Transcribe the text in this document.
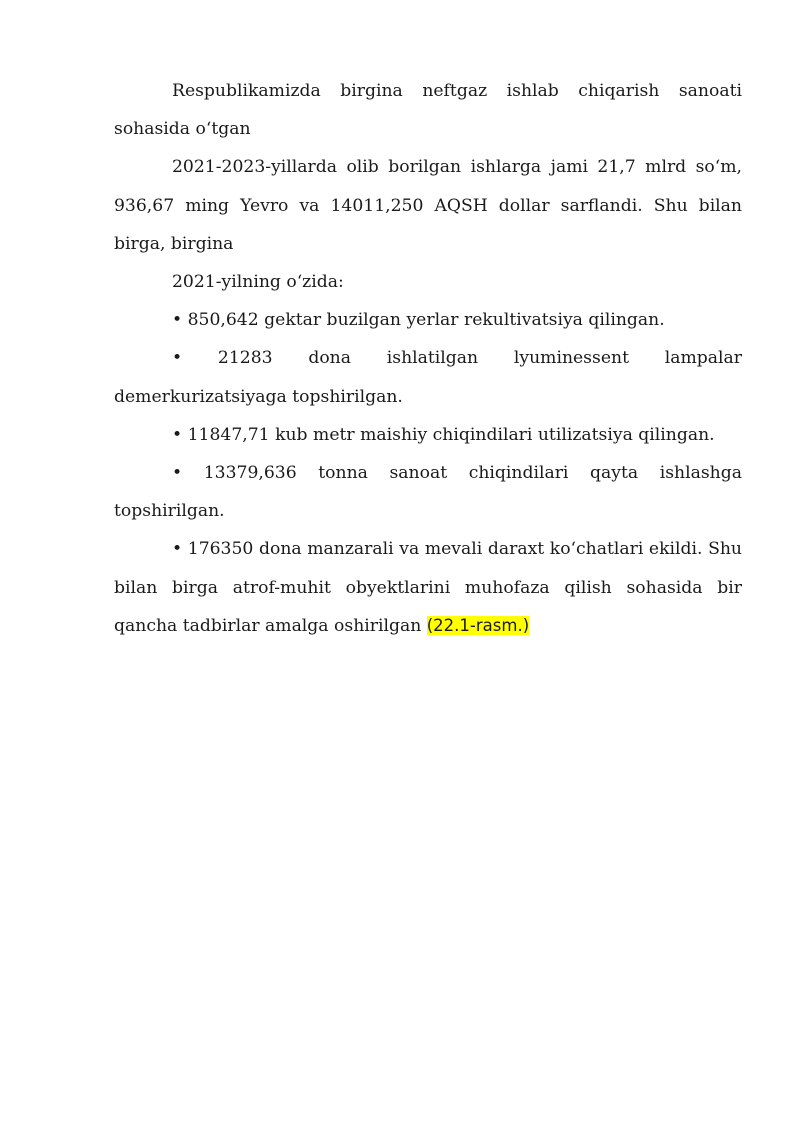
Respublikamizda birgina neftgaz ishlab chiqarish sanoati sohasida o‘tgan

2021-2023-yillarda olib borilgan ishlarga jami 21,7 mlrd so‘m, 936,67 ming Yevro va 14011,250 AQSH dollar sarflandi. Shu bilan birga, birgina

2021-yilning o‘zida:

• 850,642 gektar buzilgan yerlar rekultivatsiya qilingan.

• 21283 dona ishlatilgan lyuminessent lampalar demerkurizatsiyaga topshirilgan.

• 11847,71 kub metr maishiy chiqindilari utilizatsiya qilingan.

• 13379,636 tonna sanoat chiqindilari qayta ishlashga topshirilgan.

• 176350 dona manzarali va mevali daraxt ko‘chatlari ekildi. Shu bilan birga atrof-muhit obyektlarini muhofaza qilish sohasida bir qancha tadbirlar amalga oshirilgan (22.1-rasm.)
